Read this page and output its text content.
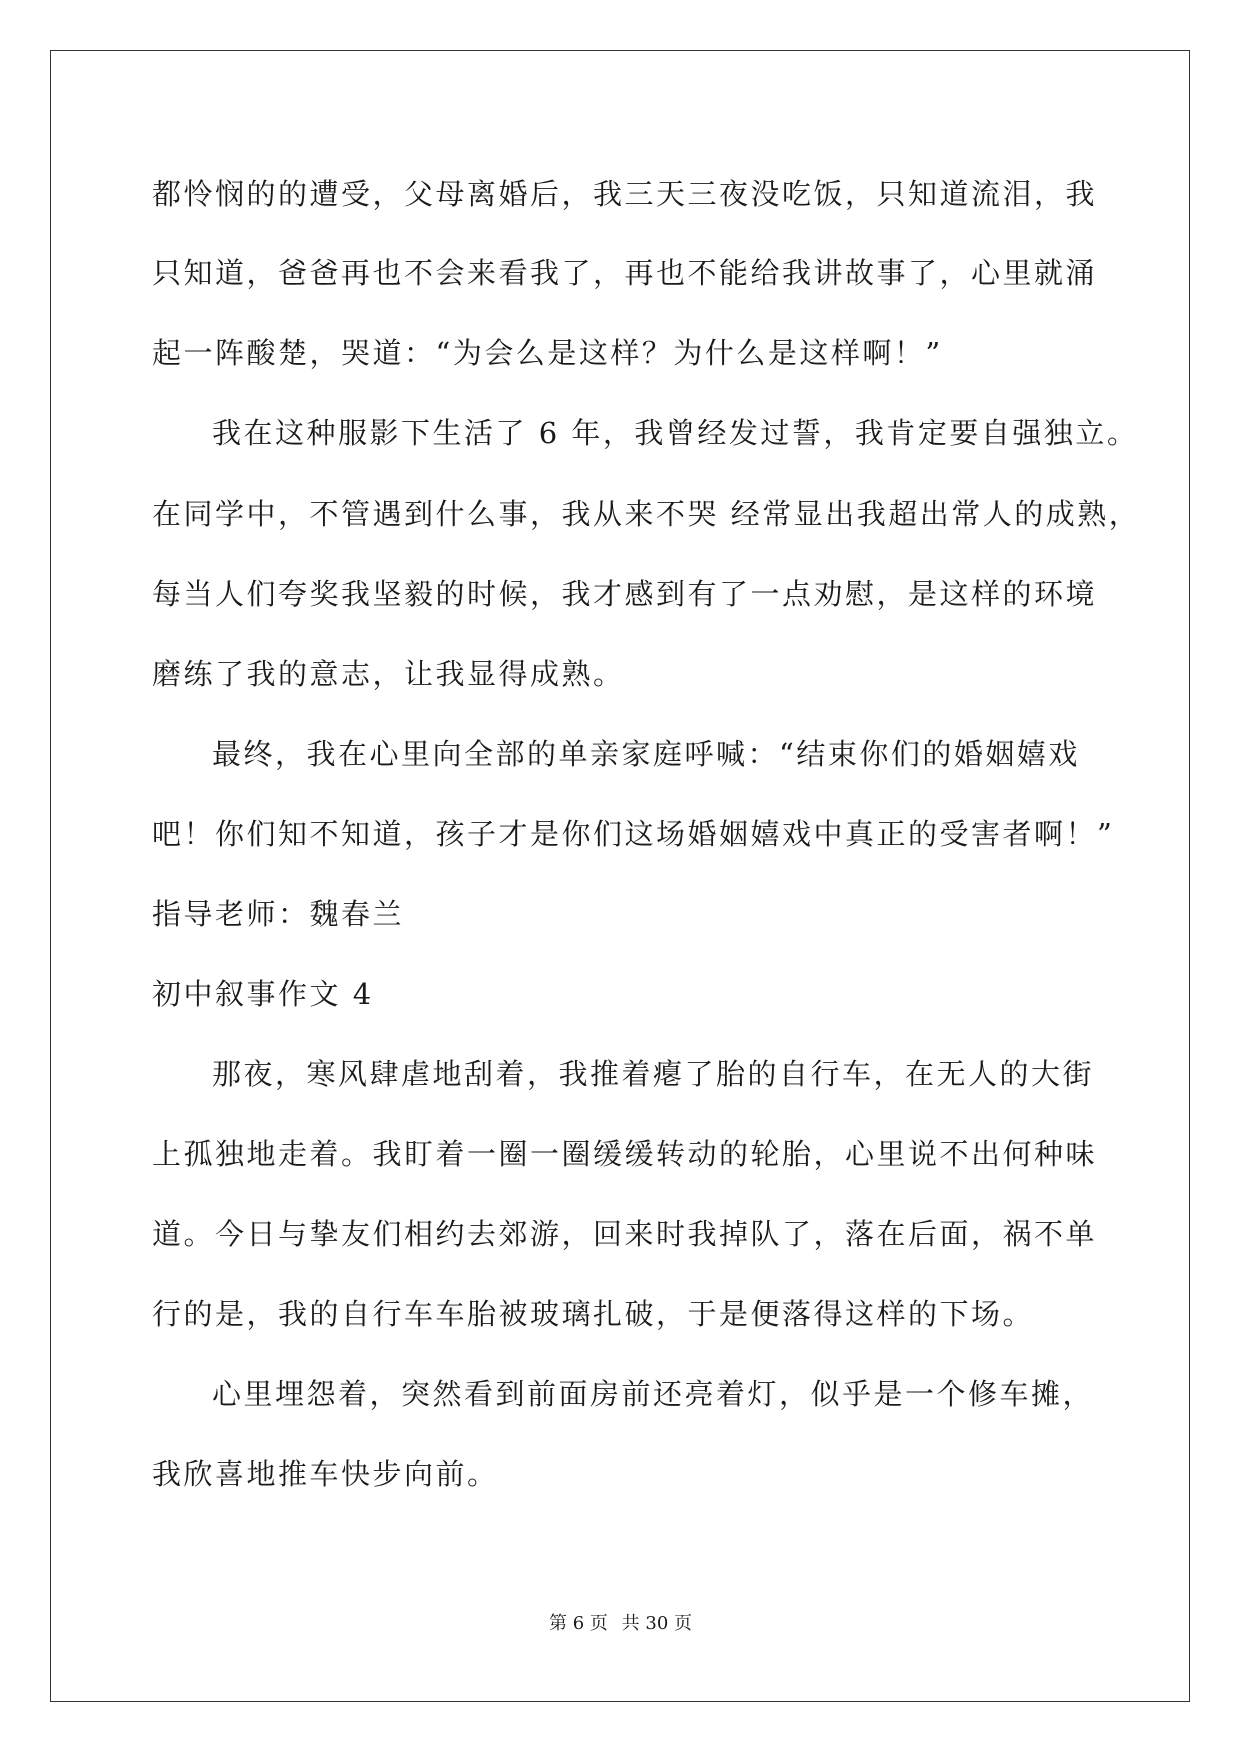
都怜悯的的遭受，父母离婚后，我三天三夜没吃饭，只知道流泪，我
只知道，爸爸再也不会来看我了，再也不能给我讲故事了，心里就涌
起一阵酸楚，哭道：“为会么是这样？为什么是这样啊！”
我在这种服影下生活了 6 年，我曾经发过誓，我肯定要自强独立。
在同学中，不管遇到什么事，我从来不哭 经常显出我超出常人的成熟，
每当人们夸奖我坚毅的时候，我才感到有了一点劝慰，是这样的环境
磨练了我的意志，让我显得成熟。
最终，我在心里向全部的单亲家庭呼喊：“结束你们的婚姻嬉戏
吧！你们知不知道，孩子才是你们这场婚姻嬉戏中真正的受害者啊！”
指导老师：魏春兰
初中叙事作文 4
那夜，寒风肆虐地刮着，我推着瘪了胎的自行车，在无人的大街
上孤独地走着。我盯着一圈一圈缓缓转动的轮胎，心里说不出何种味
道。今日与挚友们相约去郊游，回来时我掉队了，落在后面，祸不单
行的是，我的自行车车胎被玻璃扎破，于是便落得这样的下场。
心里埋怨着，突然看到前面房前还亮着灯，似乎是一个修车摊，
我欣喜地推车快步向前。
第 6 页 共 30 页
